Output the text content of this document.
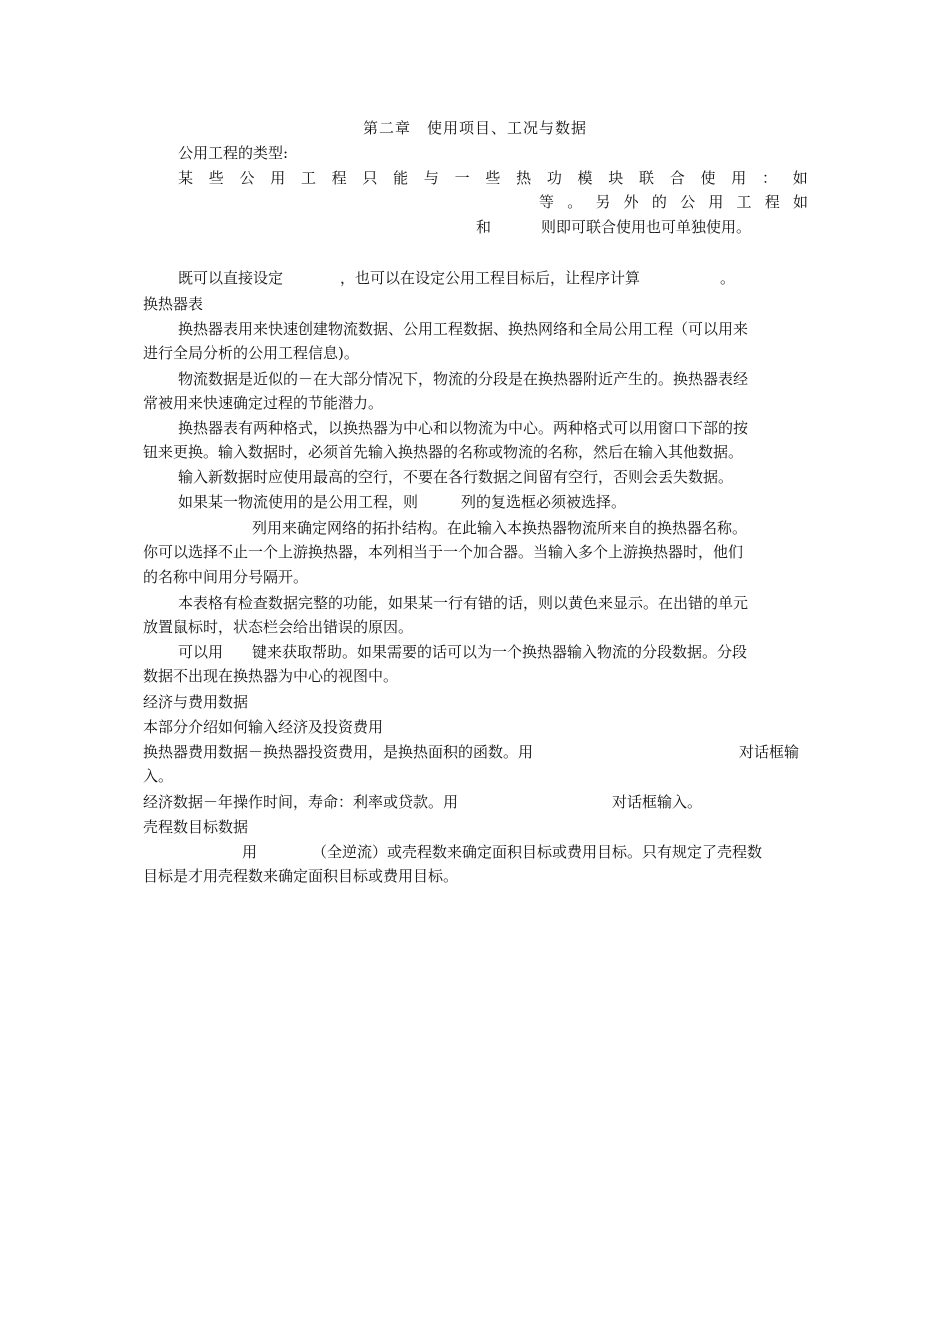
第二章　使用项目、工况与数据
公用工程的类型:
某 些 公 用 工 程 只 能 与 一 些 热 功 模 块 联 合 使 用 ： 如
等 。 另 外 的 公 用 工 程 如
和	则即可联合使用也可单独使用。
既可以直接设定	，也可以在设定公用工程目标后，让程序计算	。
换热器表
换热器表用来快速创建物流数据、公用工程数据、换热网络和全局公用工程（可以用来
进行全局分析的公用工程信息)。
物流数据是近似的－在大部分情况下，物流的分段是在换热器附近产生的。换热器表经
常被用来快速确定过程的节能潜力。
换热器表有两种格式，以换热器为中心和以物流为中心。两种格式可以用窗口下部的按
钮来更换。输入数据时，必须首先输入换热器的名称或物流的名称，然后在输入其他数据。
输入新数据时应使用最高的空行，不要在各行数据之间留有空行，否则会丢失数据。
如果某一物流使用的是公用工程，则	列的复选框必须被选择。
列用来确定网络的拓扑结构。在此输入本换热器物流所来自的换热器名称。
你可以选择不止一个上游换热器，本列相当于一个加合器。当输入多个上游换热器时，他们
的名称中间用分号隔开。
本表格有检查数据完整的功能，如果某一行有错的话，则以黄色来显示。在出错的单元
放置鼠标时，状态栏会给出错误的原因。
可以用 键来获取帮助。如果需要的话可以为一个换热器输入物流的分段数据。分段
数据不出现在换热器为中心的视图中。
经济与费用数据
本部分介绍如何输入经济及投资费用
换热器费用数据－换热器投资费用，是换热面积的函数。用	对话框输
入。
经济数据－年操作时间，寿命：利率或贷款。用	对话框输入。
壳程数目标数据
用	（全逆流）或壳程数来确定面积目标或费用目标。只有规定了壳程数
目标是才用壳程数来确定面积目标或费用目标。
